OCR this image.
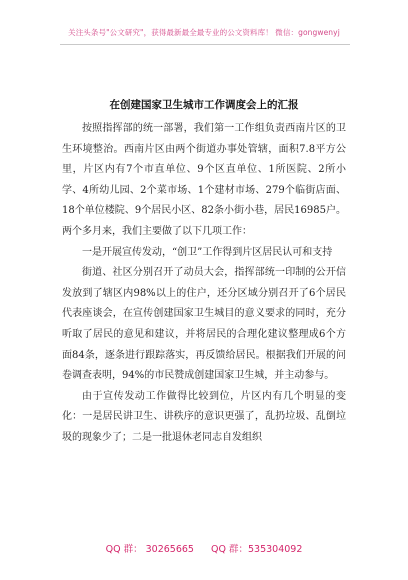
关注头条号"公文研究"，获得最新最全最专业的公文资料库！ 微信：gongwenyj
在创建国家卫生城市工作调度会上的汇报

按照指挥部的统一部署，我们第一工作组负责西南片区的卫生环境整治。西南片区由两个街道办事处管辖，面积7.8平方公里，片区内有7个市直单位、9个区直单位、1所医院、2所小学、4所幼儿园、2个菜市场、1个建材市场、279个临街店面、18个单位楼院、9个居民小区、82条小街小巷，居民16985户。两个多月来，我们主要做了以下几项工作：

一是开展宣传发动，“创卫”工作得到片区居民认可和支持

街道、社区分别召开了动员大会，指挥部统一印制的公开信发放到了辖区内98%以上的住户，还分区域分别召开了6个居民代表座谈会，在宣传创建国家卫生城目的意义要求的同时，充分听取了居民的意见和建议，并将居民的合理化建议整理成6个方面84条，逐条进行跟踪落实，再反馈给居民。根据我们开展的问卷调查表明，94%的市民赞成创建国家卫生城，并主动参与。

由于宣传发动工作做得比较到位，片区内有几个明显的变化：一是居民讲卫生、讲秩序的意识更强了，乱扔垃圾、乱倒垃圾的现象少了；二是一批退休老同志自发组织

QQ 群： 30265665 QQ 群：535304092
